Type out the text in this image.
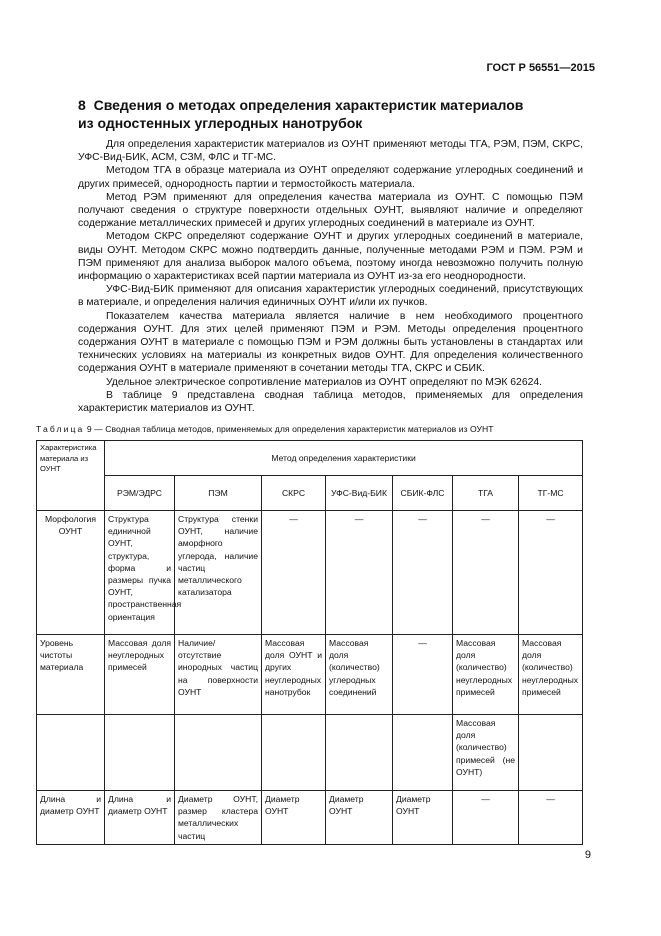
ГОСТ Р 56551—2015
8 Сведения о методах определения характеристик материалов
из одностенных углеродных нанотрубок

Для определения характеристик материалов из ОУНТ применяют методы ТГА, РЭМ, ПЭМ, СКРС, УФС-Вид-БИК, АСМ, СЗМ, ФЛС и ТГ-МС.

Методом ТГА в образце материала из ОУНТ определяют содержание углеродных соединений и других примесей, однородность партии и термостойкость материала.

Метод РЭМ применяют для определения качества материала из ОУНТ. С помощью ПЭМ получают сведения о структуре поверхности отдельных ОУНТ, выявляют наличие и определяют содержание металлических примесей и других углеродных соединений в материале из ОУНТ.

Методом СКРС определяют содержание ОУНТ и других углеродных соединений в материале, виды ОУНТ. Методом СКРС можно подтвердить данные, полученные методами РЭМ и ПЭМ. РЭМ и ПЭМ применяют для анализа выборок малого объема, поэтому иногда невозможно получить полную информацию о характеристиках всей партии материала из ОУНТ из-за его неоднородности.

УФС-Вид-БИК применяют для описания характеристик углеродных соединений, присутствующих в материале, и определения наличия единичных ОУНТ и/или их пучков.

Показателем качества материала является наличие в нем необходимого процентного содержания ОУНТ. Для этих целей применяют ПЭМ и РЭМ. Методы определения процентного содержания ОУНТ в материале с помощью ПЭМ и РЭМ должны быть установлены в стандартах или технических условиях на материалы из конкретных видов ОУНТ. Для определения количественного содержания ОУНТ в материале применяют в сочетании методы ТГА, СКРС и СБИК.

Удельное электрическое сопротивление материалов из ОУНТ определяют по МЭК 62624.

В таблице 9 представлена сводная таблица методов, применяемых для определения характеристик материалов из ОУНТ.

Таблица 9 — Сводная таблица методов, применяемых для определения характеристик материалов из ОУНТ
Характеристика материала из ОУНТ	Метод определения характеристики						
	РЭМ/ЭДРС	ПЭМ	СКРС	УФС-Вид-БИК	СБИК-ФЛС	ТГА	ТГ-МС
Морфология ОУНТ	Структура единичной ОУНТ, структура, форма и размеры пучка ОУНТ, пространственная ориентация	Структура стенки ОУНТ, наличие аморфного углерода, наличие частиц металлического катализатора	—	—	—	—	—
Уровень чистоты материала	Массовая доля неуглеродных примесей	Наличие/отсутствие инородных частиц на поверхности ОУНТ	Массовая доля ОУНТ и других неуглеродных нанотрубок	Массовая доля (количество) углеродных соединений	—	Массовая доля (количество) неуглеродных примесей	Массовая доля (количество) неуглеродных примесей
						Массовая доля (количество) примесей (не ОУНТ)	
Длина и диаметр ОУНТ	Длина и диаметр ОУНТ	Диаметр ОУНТ, размер кластера металлических частиц	Диаметр ОУНТ	Диаметр ОУНТ	Диаметр ОУНТ	—	—
9
